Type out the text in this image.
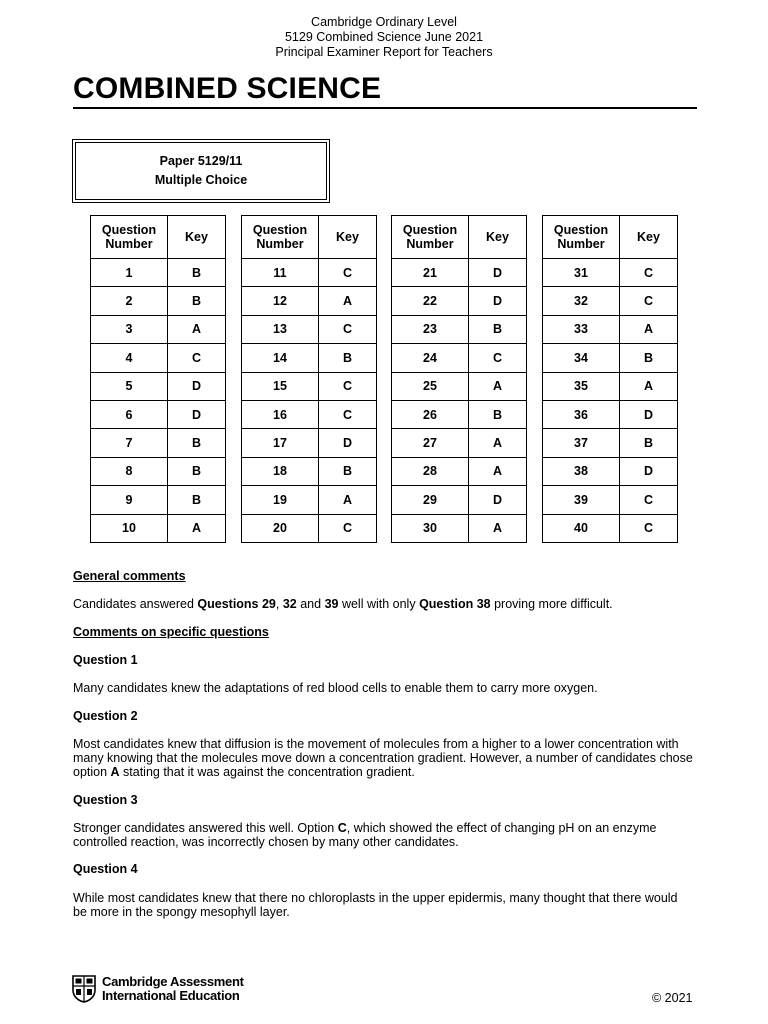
Cambridge Ordinary Level
5129 Combined Science June 2021
Principal Examiner Report for Teachers
COMBINED SCIENCE
Paper 5129/11
Multiple Choice
Question Number	Key
1	B
2	B
3	A
4	C
5	D
6	D
7	B
8	B
9	B
10	A
Question Number	Key
11	C
12	A
13	C
14	B
15	C
16	C
17	D
18	B
19	A
20	C
Question Number	Key
21	D
22	D
23	B
24	C
25	A
26	B
27	A
28	A
29	D
30	A
Question Number	Key
31	C
32	C
33	A
34	B
35	A
36	D
37	B
38	D
39	C
40	C
General comments
Candidates answered Questions 29, 32 and 39 well with only Question 38 proving more difficult.
Comments on specific questions
Question 1
Many candidates knew the adaptations of red blood cells to enable them to carry more oxygen.
Question 2
Most candidates knew that diffusion is the movement of molecules from a higher to a lower concentration with many knowing that the molecules move down a concentration gradient. However, a number of candidates chose option A stating that it was against the concentration gradient.
Question 3
Stronger candidates answered this well. Option C, which showed the effect of changing pH on an enzyme controlled reaction, was incorrectly chosen by many other candidates.
Question 4
While most candidates knew that there no chloroplasts in the upper epidermis, many thought that there would be more in the spongy mesophyll layer.
Cambridge Assessment
International Education	© 2021
